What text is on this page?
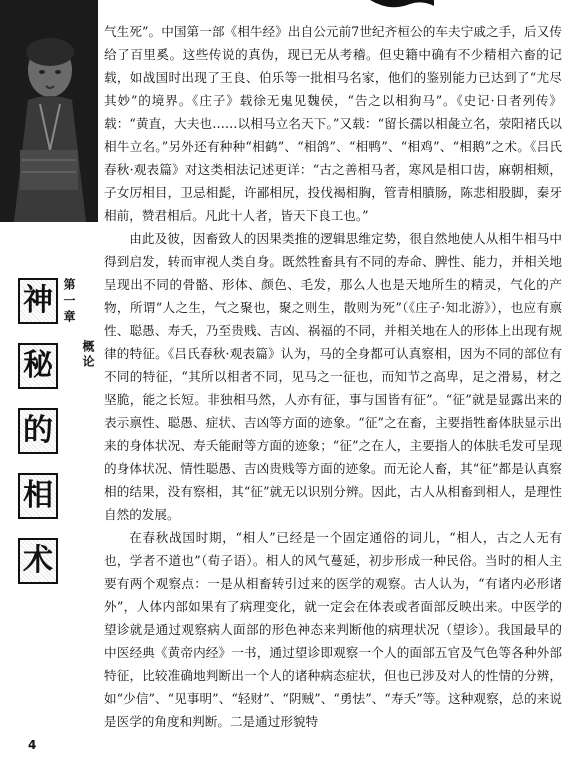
神
秘
的
相
术
第一章
概论

气生死”。中国第一部《相牛经》出自公元前7世纪齐桓公的车夫宁戚之手，后又传给了百里奚。这些传说的真伪，现已无从考稽。但史籍中确有不少精相六畜的记载，如战国时出现了王良、伯乐等一批相马名家，他们的鉴别能力已达到了“尤尽其妙”的境界。《庄子》载徐无鬼见魏侯，“告之以相狗马”。《史记·日者列传》载：“黄直，大夫也……以相马立名天下。”又载：“留长孺以相彘立名，荥阳褚氏以相牛立名。”另外还有种种“相鹤”、“相鸽”、“相鸭”、“相鸡”、“相鹅”之术。《吕氏春秋·观表篇》对这类相法记述更详：“古之善相马者，寒风是相口齿，麻朝相颊，子女厉相目，卫忌相髭，许鄙相尻，投伐褐相胸，管青相膹肠，陈悲相股脚，秦牙相前，赞君相后。凡此十人者，皆天下良工也。”

由此及彼，因畜致人的因果类推的逻辑思维定势，很自然地使人从相牛相马中得到启发，转而审视人类自身。既然牲畜具有不同的寿命、脾性、能力，并相关地呈现出不同的骨骼、形体、颜色、毛发，那么人也是天地所生的精灵，气化的产物，所谓“人之生，气之聚也，聚之则生，散则为死”（《庄子·知北游》），也应有禀性、聪愚、寿夭，乃至贵贱、吉凶、祸福的不同，并相关地在人的形体上出现有规律的特征。《吕氏春秋·观表篇》认为，马的全身都可认真察相，因为不同的部位有不同的特征，“其所以相者不同，见马之一征也，而知节之高卑，足之滑易，材之坚脆，能之长短。非独相马然，人亦有征，事与国皆有征”。“征”就是显露出来的表示禀性、聪愚、症状、吉凶等方面的迹象。“征”之在畜，主要指牲畜体肤显示出来的身体状况、寿夭能耐等方面的迹象；“征”之在人，主要指人的体肤毛发可呈现的身体状况、情性聪愚、吉凶贵贱等方面的迹象。而无论人畜，其“征”都是认真察相的结果，没有察相，其“征”就无以识别分辨。因此，古人从相畜到相人，是理性自然的发展。

在春秋战国时期，“相人”已经是一个固定通俗的词儿，“相人，古之人无有也，学者不道也”（荀子语）。相人的风气蔓延，初步形成一种民俗。当时的相人主要有两个观察点：一是从相畜转引过来的医学的观察。古人认为，“有诸内必形诸外”，人体内部如果有了病理变化，就一定会在体表或者面部反映出来。中医学的望诊就是通过观察病人面部的形色神态来判断他的病理状况（望诊）。我国最早的中医经典《黄帝内经》一书，通过望诊即观察一个人的面部五官及气色等各种外部特征，比较准确地判断出一个人的诸种病态症状，但也已涉及对人的性情的分辨，如“少信”、“见事明”、“轻财”、“阴贼”、“勇怯”、“寿夭”等。这种观察，总的来说是医学的角度和判断。二是通过形貌特

4
